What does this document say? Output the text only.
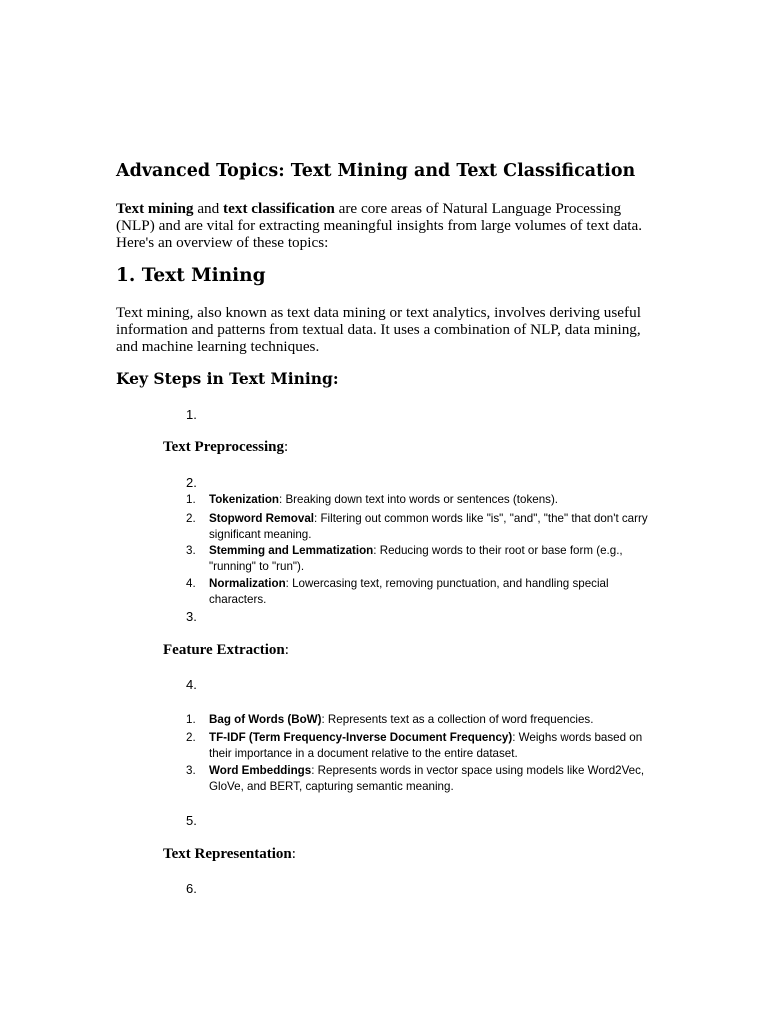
Advanced Topics: Text Mining and Text Classification
Text mining and text classification are core areas of Natural Language Processing (NLP) and are vital for extracting meaningful insights from large volumes of text data. Here's an overview of these topics:
1. Text Mining
Text mining, also known as text data mining or text analytics, involves deriving useful information and patterns from textual data. It uses a combination of NLP, data mining, and machine learning techniques.
Key Steps in Text Mining:
1.
Text Preprocessing:
2.
1. Tokenization: Breaking down text into words or sentences (tokens).
2. Stopword Removal: Filtering out common words like "is", "and", "the" that don't carry significant meaning.
3. Stemming and Lemmatization: Reducing words to their root or base form (e.g., "running" to "run").
4. Normalization: Lowercasing text, removing punctuation, and handling special characters.
3.
Feature Extraction:
4.
1. Bag of Words (BoW): Represents text as a collection of word frequencies.
2. TF-IDF (Term Frequency-Inverse Document Frequency): Weighs words based on their importance in a document relative to the entire dataset.
3. Word Embeddings: Represents words in vector space using models like Word2Vec, GloVe, and BERT, capturing semantic meaning.
5.
Text Representation:
6.
